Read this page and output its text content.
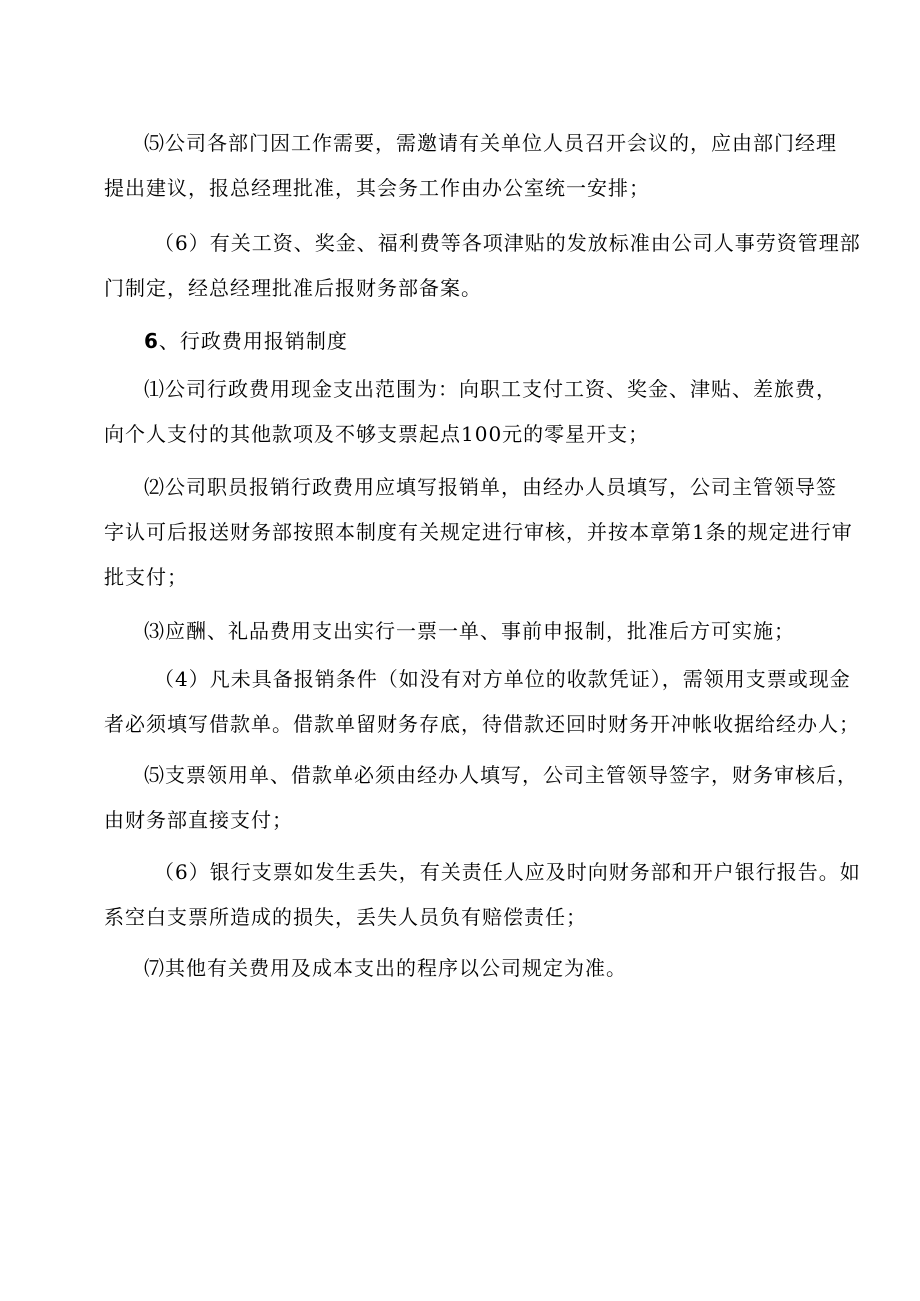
⑸公司各部门因工作需要，需邀请有关单位人员召开会议的，应由部门经理
提出建议，报总经理批准，其会务工作由办公室统一安排；
（6）有关工资、奖金、福利费等各项津贴的发放标准由公司人事劳资管理部
门制定，经总经理批准后报财务部备案。
6、行政费用报销制度
⑴公司行政费用现金支出范围为：向职工支付工资、奖金、津贴、差旅费，
向个人支付的其他款项及不够支票起点100元的零星开支；
⑵公司职员报销行政费用应填写报销单，由经办人员填写，公司主管领导签
字认可后报送财务部按照本制度有关规定进行审核，并按本章第1条的规定进行审
批支付；
⑶应酬、礼品费用支出实行一票一单、事前申报制，批准后方可实施；
（4）凡未具备报销条件（如没有对方单位的收款凭证），需领用支票或现金
者必须填写借款单。借款单留财务存底，待借款还回时财务开冲帐收据给经办人；
⑸支票领用单、借款单必须由经办人填写，公司主管领导签字，财务审核后，
由财务部直接支付；
（6）银行支票如发生丢失，有关责任人应及时向财务部和开户银行报告。如
系空白支票所造成的损失，丢失人员负有赔偿责任；
⑺其他有关费用及成本支出的程序以公司规定为准。
